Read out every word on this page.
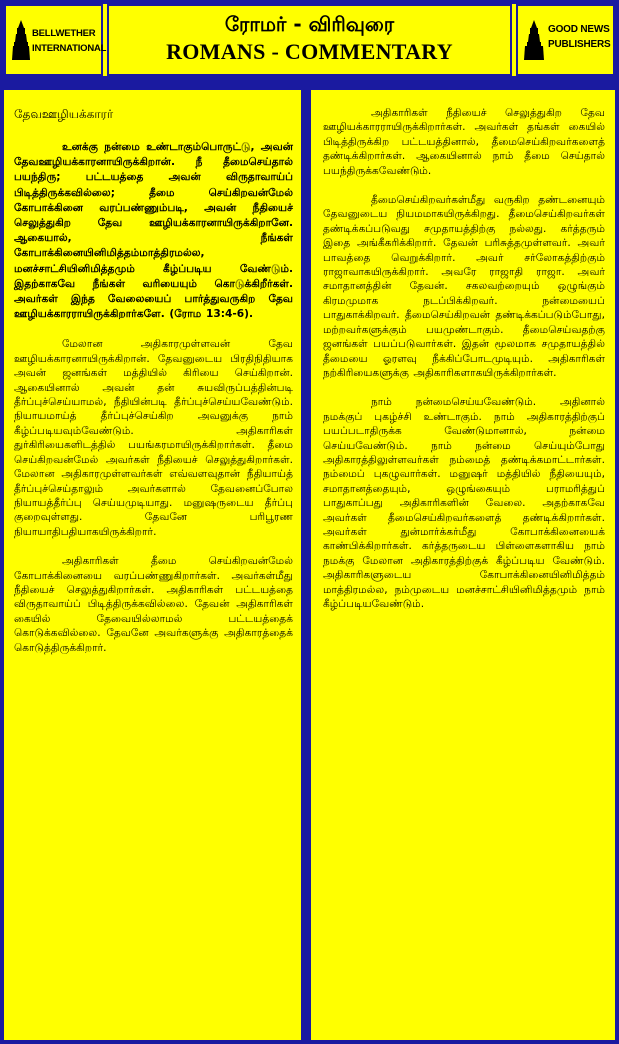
BELLWETHER
INTERNATIONAL
ரோமர் - விரிவுரை
ROMANS - COMMENTARY
GOOD NEWS
PUBLISHERS
தேவஊழியக்காரர்

உனக்கு நன்மை உண்டாகும்பொருட்டு, அவன் தேவஊழியக்காரனாயிருக்கிறான். நீ தீமைசெய்தால் பயந்திரு; பட்டயத்தை அவன் விருதாவாய்ப் பிடித்திருக்கவில்லை; தீமை செய்கிறவன்மேல் கோபாக்கினை வரப்பண்ணும்படி, அவன் நீதியைச் செலுத்துகிற தேவ ஊழியக்காரனாயிருக்கிறானே. ஆகையால், நீங்கள் கோபாக்கினையினிமித்தம்மாத்திரமல்ல, மனச்சாட்சியினிமித்தமும் கீழ்ப்படிய வேண்டும். இதற்காகவே நீங்கள் வரியையும் கொடுக்கிறீர்கள். அவர்கள் இந்த வேலையைப் பார்த்துவருகிற தேவ ஊழியக்காரராயிருக்கிறார்களே. (ரோம 13:4-6).

மேலான அதிகாரமுள்ளவன் தேவ ஊழியக்காரனாயிருக்கிறான். தேவனுடைய பிரதிநிதியாக அவன் ஜனங்கள் மத்தியில் கிரியை செய்கிறான். ஆகையினால் அவன் தன் சுயவிருப்பத்தின்படி தீர்ப்புச்செய்யாமல், நீதியின்படி தீர்ப்புச்செய்யவேண்டும். நியாயமாய்த் தீர்ப்புச்செய்கிற அவனுக்கு நாம் கீழ்ப்படியவும்வேண்டும். அதிகாரிகள் துர்கிரியைகளிடத்தில் பயங்கரமாயிருக்கிறார்கள். தீமை செய்கிறவன்மேல் அவர்கள் நீதியைச் செலுத்துகிறார்கள். மேலான அதிகாரமுள்ளவர்கள் எவ்வளவுதான் நீதியாய்த் தீர்ப்புச்செய்தாலும் அவர்களால் தேவனைப்போல நியாயத்தீர்ப்பு செய்யமுடியாது. மனுஷருடைய தீர்ப்பு குறைவுள்ளது. தேவனே பரிபூரண நியாயாதிபதியாகயிருக்கிறார்.

அதிகாரிகள் தீமை செய்கிறவன்மேல் கோபாக்கினையை வரப்பண்ணுகிறார்கள். அவர்கள்மீது நீதியைச் செலுத்துகிறார்கள். அதிகாரிகள் பட்டயத்தை விருதாவாய்ப் பிடித்திருக்கவில்லை. தேவன் அதிகாரிகள் கையில் தேவையில்லாமல் பட்டயத்தைக் கொடுக்கவில்லை. தேவனே அவர்களுக்கு அதிகாரத்தைக் கொடுத்திருக்கிறார்.

அதிகாரிகள் நீதியைச் செலுத்துகிற தேவ ஊழியக்காரராயிருக்கிறார்கள். அவர்கள் தங்கள் கையில் பிடித்திருக்கிற பட்டயத்தினால், தீமைசெய்கிறவர்களைத் தண்டிக்கிறார்கள். ஆகையினால் நாம் தீமை செய்தால் பயந்திருக்கவேண்டும்.

தீமைசெய்கிறவர்கள்மீது வருகிற தண்டனையும் தேவனுடைய நியமமாகயிருக்கிறது. தீமைசெய்கிறவர்கள் தண்டிக்கப்படுவது சமுதாயத்திற்கு நல்லது. கர்த்தரும் இதை அங்கீகரிக்கிறார். தேவன் பரிசுத்தமுள்ளவர். அவர் பாவத்தை வெறுக்கிறார். அவர் சர்லோகத்திற்கும் ராஜாவாகயிருக்கிறார். அவரே ராஜாதி ராஜா. அவர் சமாதானத்தின் தேவன். சகலவற்றையும் ஒழுங்கும் கிரமமுமாக நடப்பிக்கிறவர். நன்மையைப் பாதுகாக்கிறவர். தீமைசெய்கிறவன் தண்டிக்கப்படும்போது, மற்றவர்களுக்கும் பயமுண்டாகும். தீமைசெய்வதற்கு ஜனங்கள் பயப்படுவார்கள். இதன் மூலமாக சமுதாயத்தில் தீமையை ஓரளவு நீக்கிப்போடமுடியும். அதிகாரிகள் நற்கிரியைகளுக்கு அதிகாரிகளாகயிருக்கிறார்கள்.

நாம் நன்மைசெய்யவேண்டும். அதினால் நமக்குப் புகழ்ச்சி உண்டாகும். நாம் அதிகாரத்திற்குப் பயப்படாதிருக்க வேண்டுமானால், நன்மை செய்யவேண்டும். நாம் நன்மை செய்யும்போது அதிகாரத்திலுள்ளவர்கள் நம்மைத் தண்டிக்கமாட்டார்கள். நம்மைப் புகழுவார்கள். மனுஷர் மத்தியில் நீதியையும், சமாதானத்தையும், ஒழுங்கையும் பராமரித்துப் பாதுகாப்பது அதிகாரிகளின் வேலை. அதற்காகவே அவர்கள் தீமைசெய்கிறவர்களைத் தண்டிக்கிறார்கள். அவர்கள் துன்மார்க்கர்மீது கோபாக்கினையைக் காண்பிக்கிறார்கள். கர்த்தருடைய பிள்ளைகளாகிய நாம் நமக்கு மேலான அதிகாரத்திற்குக் கீழ்ப்படிய வேண்டும். அதிகாரிகளுடைய கோபாக்கினையினிமித்தம் மாத்திரமல்ல, நம்முடைய மனச்சாட்சியினிமித்தமும் நாம் கீழ்ப்படியவேண்டும்.
